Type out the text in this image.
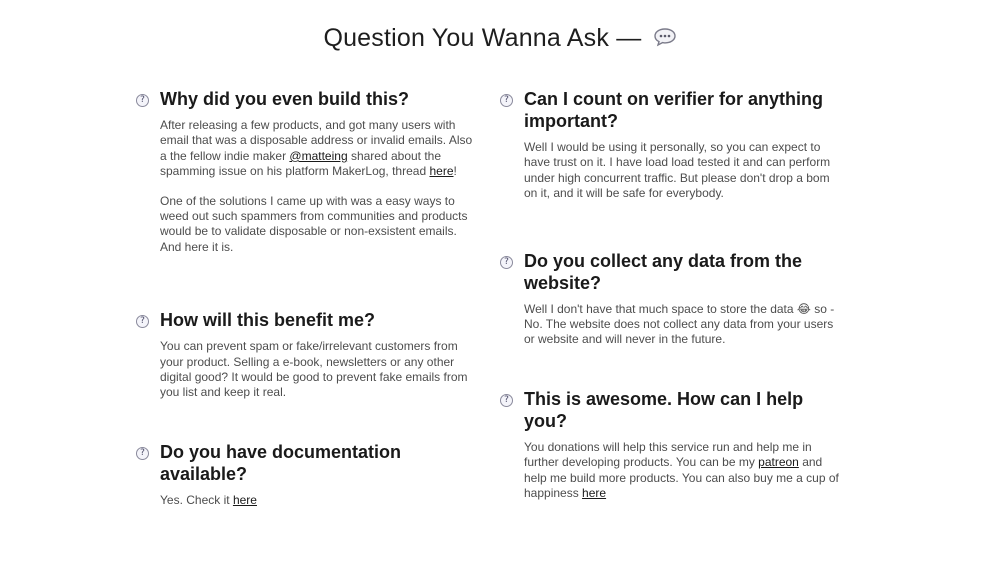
Question You Wanna Ask —
? Why did you even build this?

After releasing a few products, and got many users with email that was a disposable address or invalid emails. Also a the fellow indie maker @matteing shared about the spamming issue on his platform MakerLog, thread here!

One of the solutions I came up with was a easy ways to weed out such spammers from communities and products would be to validate disposable or non-exsistent emails. And here it is.

? How will this benefit me?

You can prevent spam or fake/irrelevant customers from your product. Selling a e-book, newsletters or any other digital good? It would be good to prevent fake emails from you list and keep it real.

? Do you have documentation available?

Yes. Check it here

? Can I count on verifier for anything important?

Well I would be using it personally, so you can expect to have trust on it. I have load load tested it and can perform under high concurrent traffic. But please don't drop a bom on it, and it will be safe for everybody.

? Do you collect any data from the website?

Well I don't have that much space to store the data 😂 so - No. The website does not collect any data from your users or website and will never in the future.

? This is awesome. How can I help you?

You donations will help this service run and help me in further developing products. You can be my patreon and help me build more products. You can also buy me a cup of happiness here
